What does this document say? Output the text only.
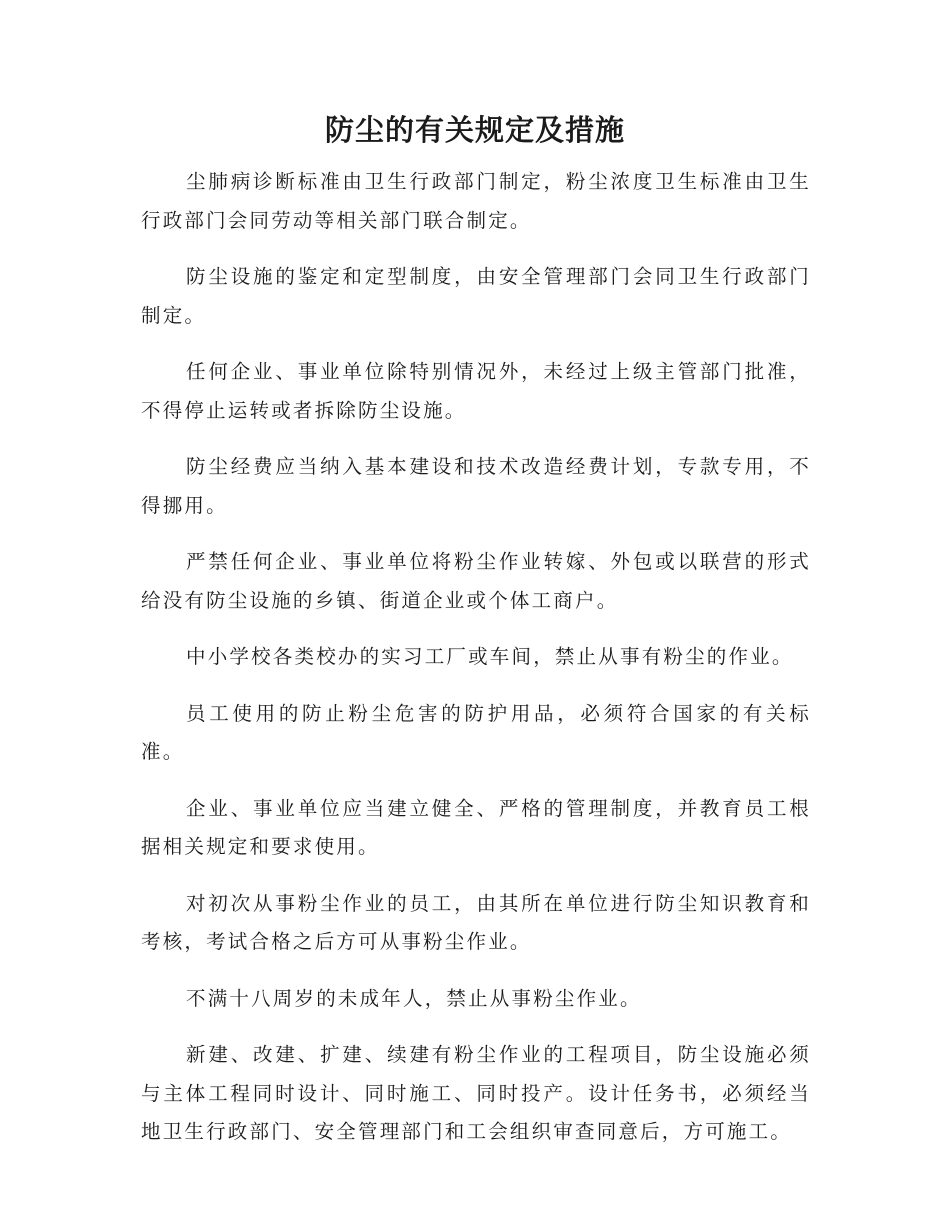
防尘的有关规定及措施

尘肺病诊断标准由卫生行政部门制定，粉尘浓度卫生标准由卫生行政部门会同劳动等相关部门联合制定。

防尘设施的鉴定和定型制度，由安全管理部门会同卫生行政部门制定。

任何企业、事业单位除特别情况外，未经过上级主管部门批准，不得停止运转或者拆除防尘设施。

防尘经费应当纳入基本建设和技术改造经费计划，专款专用，不得挪用。

严禁任何企业、事业单位将粉尘作业转嫁、外包或以联营的形式给没有防尘设施的乡镇、街道企业或个体工商户。

中小学校各类校办的实习工厂或车间，禁止从事有粉尘的作业。

员工使用的防止粉尘危害的防护用品，必须符合国家的有关标准。

企业、事业单位应当建立健全、严格的管理制度，并教育员工根据相关规定和要求使用。

对初次从事粉尘作业的员工，由其所在单位进行防尘知识教育和考核，考试合格之后方可从事粉尘作业。

不满十八周岁的未成年人，禁止从事粉尘作业。

新建、改建、扩建、续建有粉尘作业的工程项目，防尘设施必须与主体工程同时设计、同时施工、同时投产。设计任务书，必须经当地卫生行政部门、安全管理部门和工会组织审查同意后，方可施工。
